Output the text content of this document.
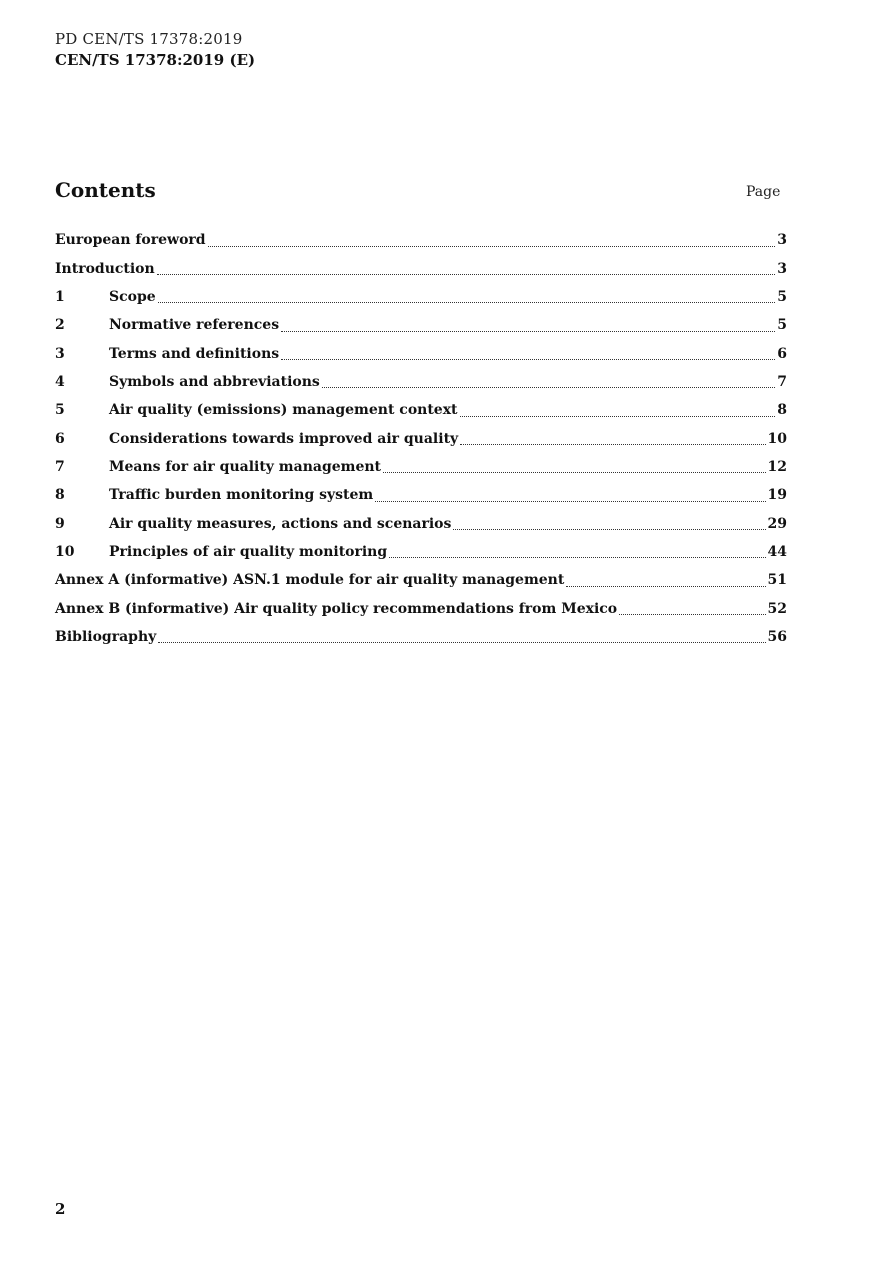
PD CEN/TS 17378:2019
CEN/TS 17378:2019 (E)
Contents	Page
European foreword	3
Introduction	3
1	Scope	5
2	Normative references	5
3	Terms and definitions	6
4	Symbols and abbreviations	7
5	Air quality (emissions) management context	8
6	Considerations towards improved air quality	10
7	Means for air quality management	12
8	Traffic burden monitoring system	19
9	Air quality measures, actions and scenarios	29
10	Principles of air quality monitoring	44
Annex A (informative) ASN.1 module for air quality management	51
Annex B (informative) Air quality policy recommendations from Mexico	52
Bibliography	56
2
